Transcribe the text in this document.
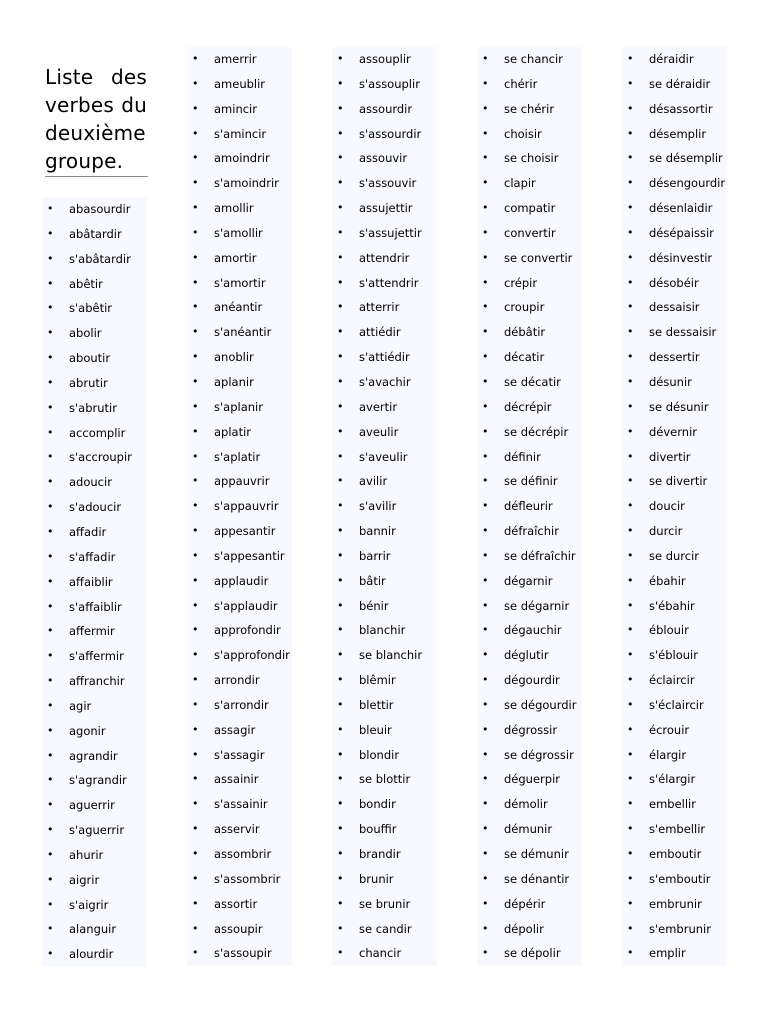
Liste des verbes du deuxième groupe.
• abasourdir
• abâtardir
• s'abâtardir
• abêtir
• s'abêtir
• abolir
• aboutir
• abrutir
• s'abrutir
• accomplir
• s'accroupir
• adoucir
• s'adoucir
• affadir
• s'affadir
• affaiblir
• s'affaiblir
• affermir
• s'affermir
• affranchir
• agir
• agonir
• agrandir
• s'agrandir
• aguerrir
• s'aguerrir
• ahurir
• aigrir
• s'aigrir
• alanguir
• alourdir
• amerrir
• ameublir
• amincir
• s'amincir
• amoindrir
• s'amoindrir
• amollir
• s'amollir
• amortir
• s'amortir
• anéantir
• s'anéantir
• anoblir
• aplanir
• s'aplanir
• aplatir
• s'aplatir
• appauvrir
• s'appauvrir
• appesantir
• s'appesantir
• applaudir
• s'applaudir
• approfondir
• s'approfondir
• arrondir
• s'arrondir
• assagir
• s'assagir
• assainir
• s'assainir
• asservir
• assombrir
• s'assombrir
• assortir
• assoupir
• s'assoupir
• assouplir
• s'assouplir
• assourdir
• s'assourdir
• assouvir
• s'assouvir
• assujettir
• s'assujettir
• attendrir
• s'attendrir
• atterrir
• attiédir
• s'attiédir
• s'avachir
• avertir
• aveulir
• s'aveulir
• avilir
• s'avilir
• bannir
• barrir
• bâtir
• bénir
• blanchir
• se blanchir
• blêmir
• blettir
• bleuir
• blondir
• se blottir
• bondir
• bouffir
• brandir
• brunir
• se brunir
• se candir
• chancir
• se chancir
• chérir
• se chérir
• choisir
• se choisir
• clapir
• compatir
• convertir
• se convertir
• crépir
• croupir
• débâtir
• décatir
• se décatir
• décrépir
• se décrépir
• définir
• se définir
• défleurir
• défraîchir
• se défraîchir
• dégarnir
• se dégarnir
• dégauchir
• déglutir
• dégourdir
• se dégourdir
• dégrossir
• se dégrossir
• déguerpir
• démolir
• démunir
• se démunir
• se dénantir
• dépérir
• dépolir
• se dépolir
• déraidir
• se déraidir
• désassortir
• désemplir
• se désemplir
• désengourdir
• désenlaidir
• désépaissir
• désinvestir
• désobéir
• dessaisir
• se dessaisir
• dessertir
• désunir
• se désunir
• dévernir
• divertir
• se divertir
• doucir
• durcir
• se durcir
• ébahir
• s'ébahir
• éblouir
• s'éblouir
• éclaircir
• s'éclaircir
• écrouir
• élargir
• s'élargir
• embellir
• s'embellir
• emboutir
• s'emboutir
• embrunir
• s'embrunir
• emplir
